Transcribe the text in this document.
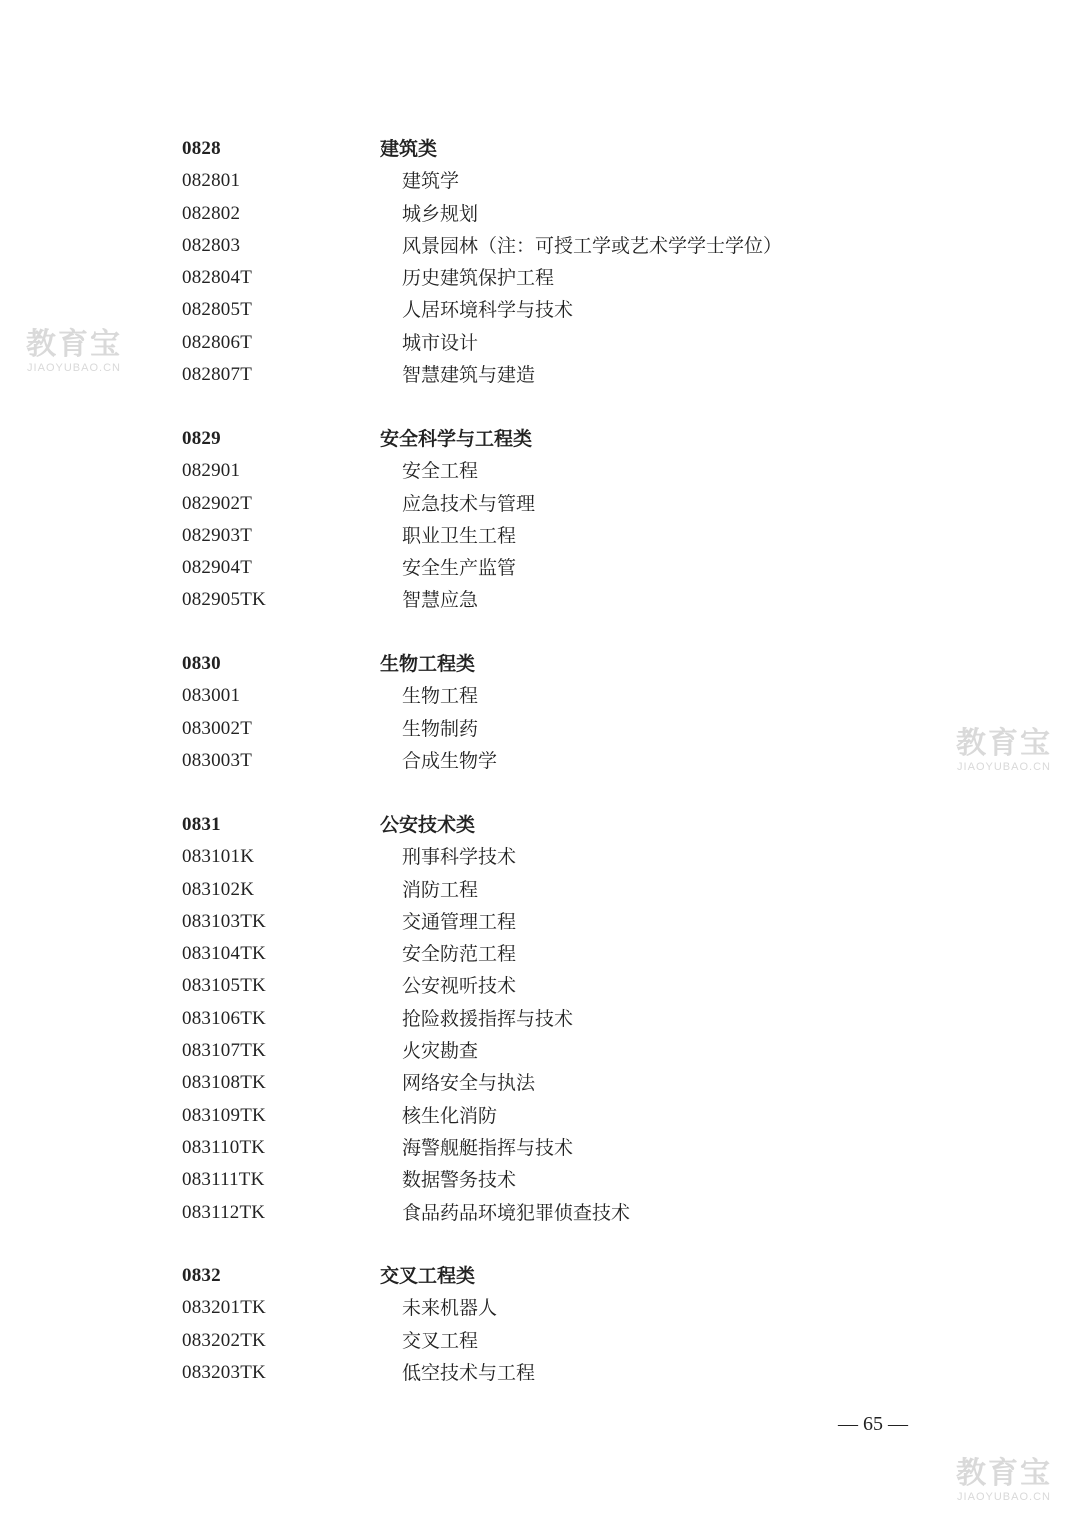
0828	建筑类
082801	建筑学
082802	城乡规划
082803	风景园林（注：可授工学或艺术学学士学位）
082804T	历史建筑保护工程
082805T	人居环境科学与技术
082806T	城市设计
082807T	智慧建筑与建造
0829	安全科学与工程类
082901	安全工程
082902T	应急技术与管理
082903T	职业卫生工程
082904T	安全生产监管
082905TK	智慧应急
0830	生物工程类
083001	生物工程
083002T	生物制药
083003T	合成生物学
0831	公安技术类
083101K	刑事科学技术
083102K	消防工程
083103TK	交通管理工程
083104TK	安全防范工程
083105TK	公安视听技术
083106TK	抢险救援指挥与技术
083107TK	火灾勘查
083108TK	网络安全与执法
083109TK	核生化消防
083110TK	海警舰艇指挥与技术
083111TK	数据警务技术
083112TK	食品药品环境犯罪侦查技术
0832	交叉工程类
083201TK	未来机器人
083202TK	交叉工程
083203TK	低空技术与工程
— 65 —
教育宝
JIAOYUBAO.CN
教育宝
JIAOYUBAO.CN
教育宝
JIAOYUBAO.CN
